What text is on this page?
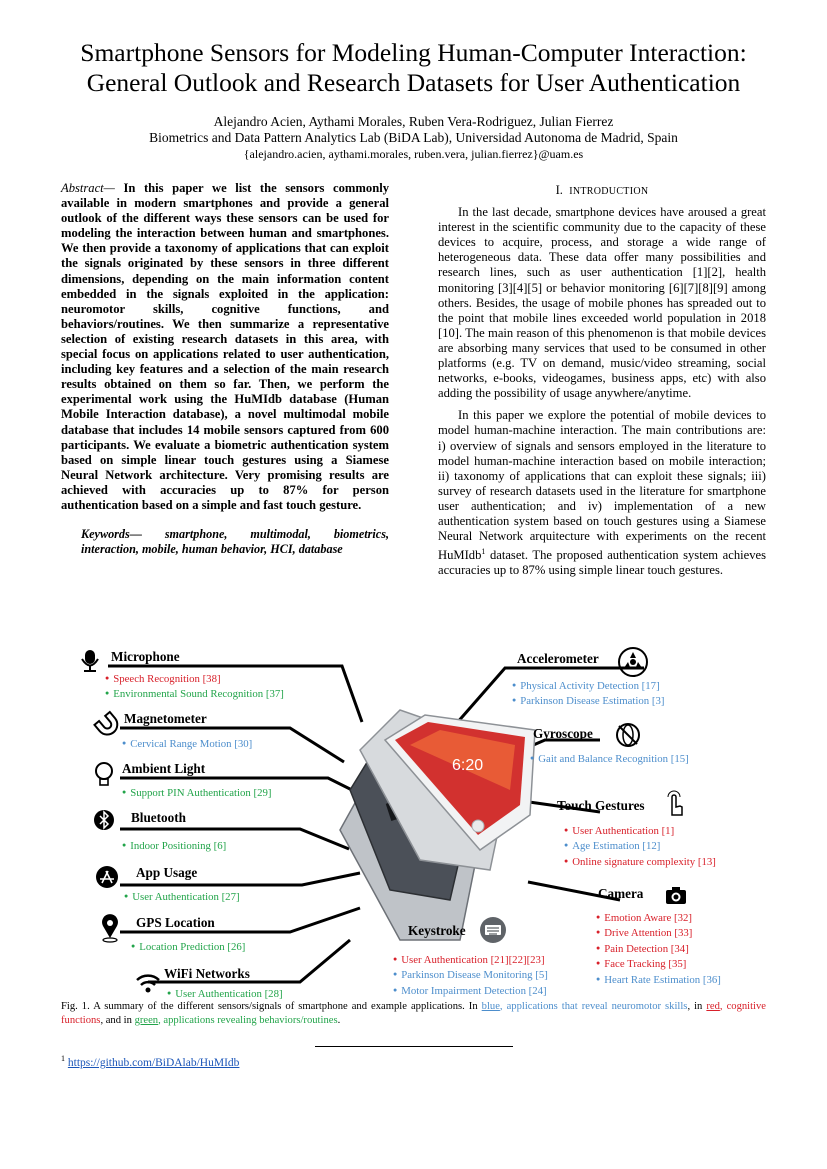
Smartphone Sensors for Modeling Human-Computer Interaction:
General Outlook and Research Datasets for User Authentication
Alejandro Acien, Aythami Morales, Ruben Vera-Rodriguez, Julian Fierrez
Biometrics and Data Pattern Analytics Lab (BiDA Lab), Universidad Autonoma de Madrid, Spain
{alejandro.acien, aythami.morales, ruben.vera, julian.fierrez}@uam.es
Abstract— In this paper we list the sensors commonly available in modern smartphones and provide a general outlook of the different ways these sensors can be used for modeling the interaction between human and smartphones. We then provide a taxonomy of applications that can exploit the signals originated by these sensors in three different dimensions, depending on the main information content embedded in the signals exploited in the application: neuromotor skills, cognitive functions, and behaviors/routines. We then summarize a representative selection of existing research datasets in this area, with special focus on applications related to user authentication, including key features and a selection of the main research results obtained on them so far. Then, we perform the experimental work using the HuMIdb database (Human Mobile Interaction database), a novel multimodal mobile database that includes 14 mobile sensors captured from 600 participants. We evaluate a biometric authentication system based on simple linear touch gestures using a Siamese Neural Network architecture. Very promising results are achieved with accuracies up to 87% for person authentication based on a simple and fast touch gesture.
Keywords— smartphone, multimodal, biometrics, interaction, mobile, human behavior, HCI, database
I. INTRODUCTION

In the last decade, smartphone devices have aroused a great interest in the scientific community due to the capacity of these devices to acquire, process, and storage a wide range of heterogeneous data. These data offer many possibilities and research lines, such as user authentication [1][2], health monitoring [3][4][5] or behavior monitoring [6][7][8][9] among others. Besides, the usage of mobile phones has spreaded out to the point that mobile lines exceeded world population in 2018 [10]. The main reason of this phenomenon is that mobile devices are absorbing many services that used to be consumed in other platforms (e.g. TV on demand, music/video streaming, social networks, e-books, videogames, business apps, etc) with also adding the possibility of usage anywhere/anytime.

In this paper we explore the potential of mobile devices to model human-machine interaction. The main contributions are: i) overview of signals and sensors employed in the literature to model human-machine interaction based on mobile interaction; ii) taxonomy of applications that can exploit these signals; iii) survey of research datasets used in the literature for smartphone user authentication; and iv) implementation of a new authentication system based on touch gestures using a Siamese Neural Network arquitecture with experiments on the recent HuMIdb$^1$ dataset. The proposed authentication system achieves accuracies up to 87% using simple linear touch gestures.

6:20
Microphone
● Speech Recognition [38]
● Environmental Sound Recognition [37]
Magnetometer
● Cervical Range Motion [30]
Ambient Light
● Support PIN Authentication [29]
Bluetooth
● Indoor Positioning [6]
App Usage
● User Authentication [27]
GPS Location
● Location Prediction [26]
WiFi Networks
● User Authentication [28]
Accelerometer
● Physical Activity Detection [17]
● Parkinson Disease Estimation [3]
Gyroscope
● Gait and Balance Recognition [15]
Touch Gestures
● User Authentication [1]
● Age Estimation [12]
● Online signature complexity [13]
Camera
● Emotion Aware [32]
● Drive Attention [33]
● Pain Detection [34]
● Face Tracking [35]
● Heart Rate Estimation [36]
Keystroke
● User Authentication [21][22][23]
● Parkinson Disease Monitoring [5]
● Motor Impairment Detection [24]
Fig. 1. A summary of the different sensors/signals of smartphone and example applications. In blue, applications that reveal neuromotor skills, in red, cognitive functions, and in green, applications revealing behaviors/routines.
$^1$ https://github.com/BiDAlab/HuMIdb
